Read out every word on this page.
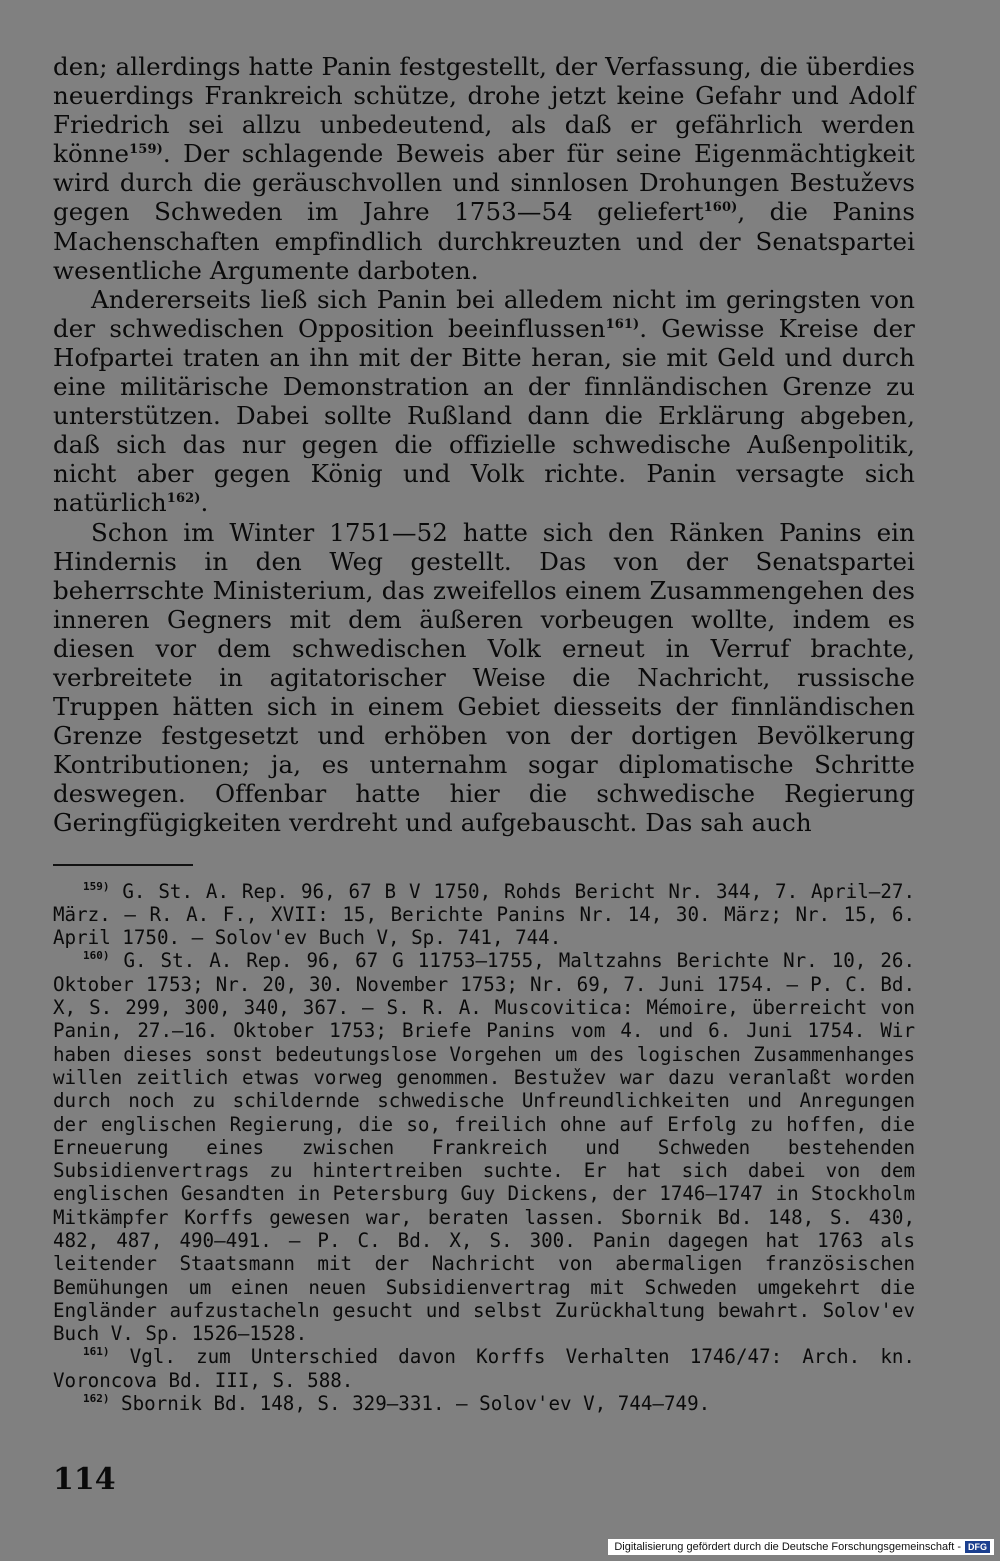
den; allerdings hatte Panin festgestellt, der Verfassung, die überdies neuerdings Frankreich schütze, drohe jetzt keine Gefahr und Adolf Friedrich sei allzu unbedeutend, als daß er gefährlich werden könne$^{159)}$. Der schlagende Beweis aber für seine Eigenmächtigkeit wird durch die geräuschvollen und sinnlosen Drohungen Bestuževs gegen Schweden im Jahre 1753—54 geliefert$^{160)}$, die Panins Machenschaften empfindlich durchkreuzten und der Senatspartei wesentliche Argumente darboten.

Andererseits ließ sich Panin bei alledem nicht im geringsten von der schwedischen Opposition beeinflussen$^{161)}$. Gewisse Kreise der Hofpartei traten an ihn mit der Bitte heran, sie mit Geld und durch eine militärische Demonstration an der finnländischen Grenze zu unterstützen. Dabei sollte Rußland dann die Erklärung abgeben, daß sich das nur gegen die offizielle schwedische Außenpolitik, nicht aber gegen König und Volk richte. Panin versagte sich natürlich$^{162)}$.

Schon im Winter 1751—52 hatte sich den Ränken Panins ein Hindernis in den Weg gestellt. Das von der Senatspartei beherrschte Ministerium, das zweifellos einem Zusammengehen des inneren Gegners mit dem äußeren vorbeugen wollte, indem es diesen vor dem schwedischen Volk erneut in Verruf brachte, verbreitete in agitatorischer Weise die Nachricht, russische Truppen hätten sich in einem Gebiet diesseits der finnländischen Grenze festgesetzt und erhöben von der dortigen Bevölkerung Kontributionen; ja, es unternahm sogar diplomatische Schritte deswegen. Offenbar hatte hier die schwedische Regierung Geringfügigkeiten verdreht und aufgebauscht. Das sah auch

$^{159)}$ G. St. A. Rep. 96, 67 B V 1750, Rohds Bericht Nr. 344, 7. April—27. März. — R. A. F., XVII: 15, Berichte Panins Nr. 14, 30. März; Nr. 15, 6. April 1750. — Solov'ev Buch V, Sp. 741, 744.

$^{160)}$ G. St. A. Rep. 96, 67 G 11753—1755, Maltzahns Berichte Nr. 10, 26. Oktober 1753; Nr. 20, 30. November 1753; Nr. 69, 7. Juni 1754. — P. C. Bd. X, S. 299, 300, 340, 367. — S. R. A. Muscovitica: Mémoire, überreicht von Panin, 27.—16. Oktober 1753; Briefe Panins vom 4. und 6. Juni 1754. Wir haben dieses sonst bedeutungslose Vorgehen um des logischen Zusammenhanges willen zeitlich etwas vorweg genommen. Bestužev war dazu veranlaßt worden durch noch zu schildernde schwedische Unfreundlichkeiten und Anregungen der englischen Regierung, die so, freilich ohne auf Erfolg zu hoffen, die Erneuerung eines zwischen Frankreich und Schweden bestehenden Subsidienvertrags zu hintertreiben suchte. Er hat sich dabei von dem englischen Gesandten in Petersburg Guy Dickens, der 1746—1747 in Stockholm Mitkämpfer Korffs gewesen war, beraten lassen. Sbornik Bd. 148, S. 430, 482, 487, 490—491. — P. C. Bd. X, S. 300. Panin dagegen hat 1763 als leitender Staatsmann mit der Nachricht von abermaligen französischen Bemühungen um einen neuen Subsidienvertrag mit Schweden umgekehrt die Engländer aufzustacheln gesucht und selbst Zurückhaltung bewahrt. Solov'ev Buch V. Sp. 1526—1528.

$^{161)}$ Vgl. zum Unterschied davon Korffs Verhalten 1746/47: Arch. kn. Voroncova Bd. III, S. 588.

$^{162)}$ Sbornik Bd. 148, S. 329—331. — Solov'ev V, 744—749.

114
Digitalisierung gefördert durch die Deutsche Forschungsgemeinschaft - DFG
